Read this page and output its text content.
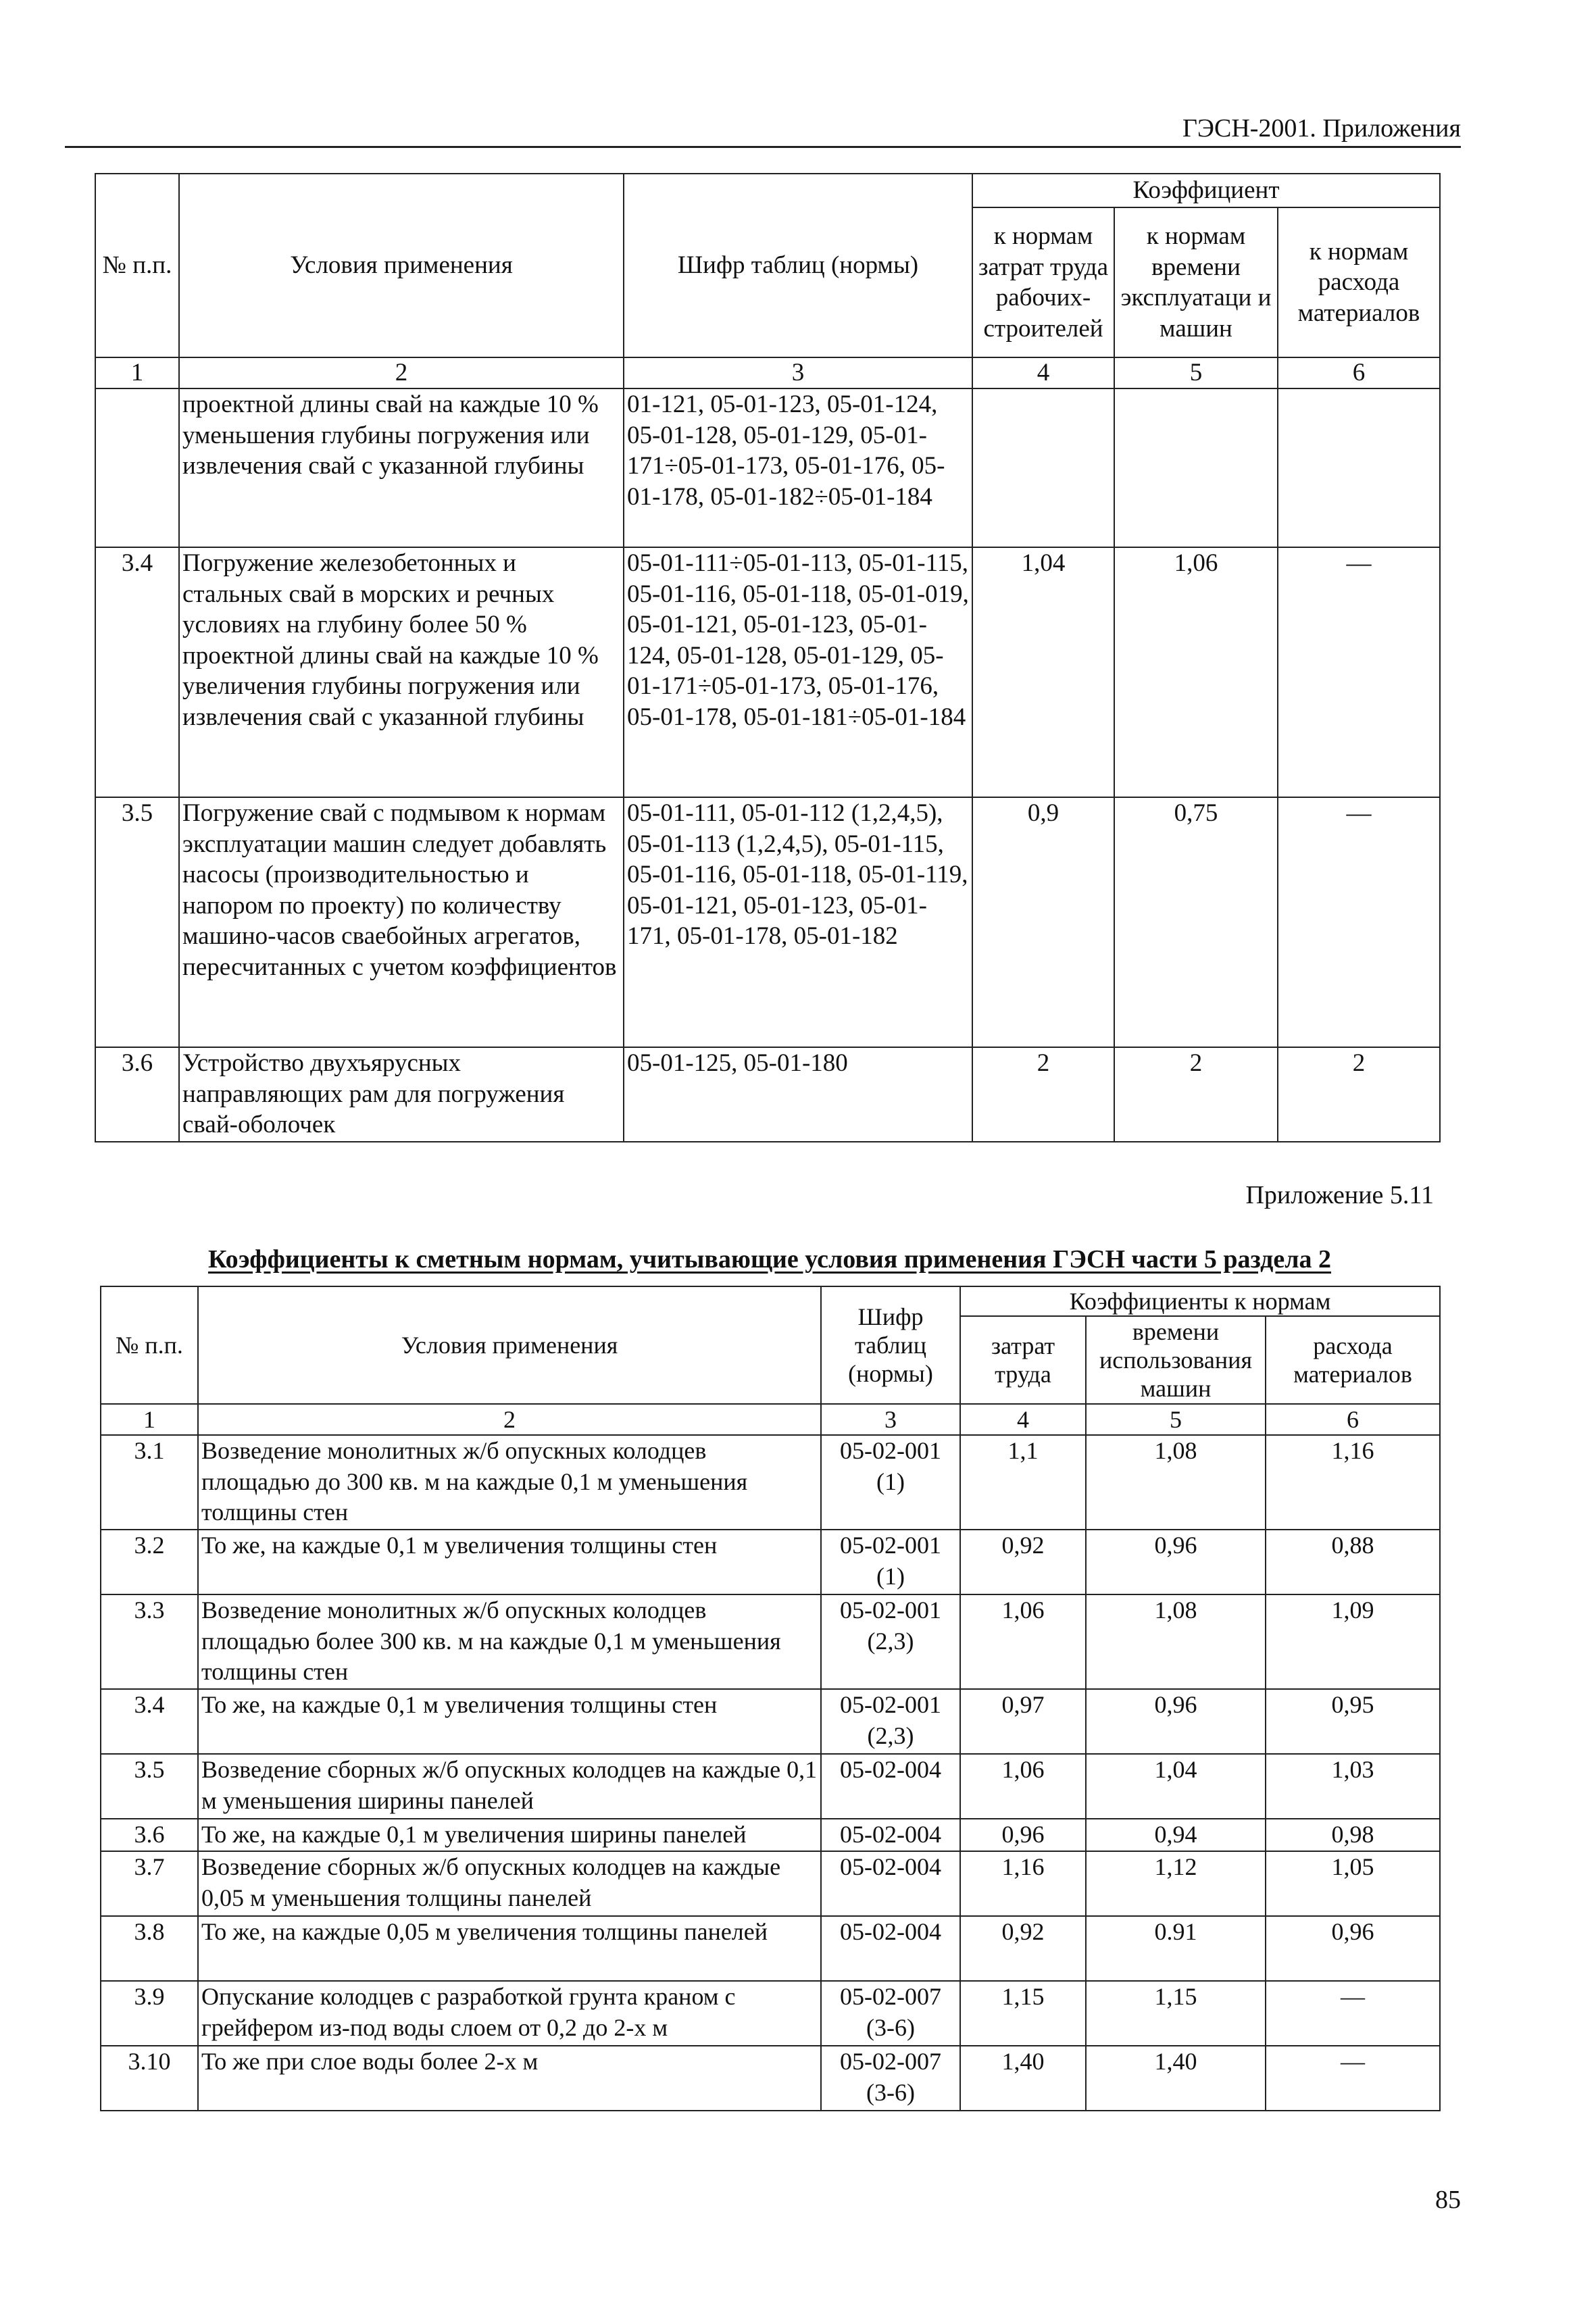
ГЭСН-2001. Приложения
№ п.п.	Условия применения	Шифр таблиц (нормы)	Коэффициент		
			к нормам затрат труда рабочих-строителей	к нормам времени эксплуатаци и машин	к нормам расхода материалов
1	2	3	4	5	6
	проектной длины свай на каждые 10 % уменьшения глубины погружения или извлечения свай с указанной глубины	01-121, 05-01-123, 05-01-124, 05-01-128, 05-01-129, 05-01-171÷05-01-173, 05-01-176, 05-01-178, 05-01-182÷05-01-184			
3.4	Погружение железобетонных и стальных свай в морских и речных условиях на глубину более 50 % проектной длины свай на каждые 10 % увеличения глубины погружения или извлечения свай с указанной глубины	05-01-111÷05-01-113, 05-01-115, 05-01-116, 05-01-118, 05-01-019, 05-01-121, 05-01-123, 05-01-124, 05-01-128, 05-01-129, 05-01-171÷05-01-173, 05-01-176, 05-01-178, 05-01-181÷05-01-184	1,04	1,06	—
3.5	Погружение свай с подмывом к нормам эксплуатации машин следует добавлять насосы (производительностью и напором по проекту) по количеству машино-часов сваебойных агрегатов, пересчитанных с учетом коэффициентов	05-01-111, 05-01-112 (1,2,4,5), 05-01-113 (1,2,4,5), 05-01-115, 05-01-116, 05-01-118, 05-01-119, 05-01-121, 05-01-123, 05-01-171, 05-01-178, 05-01-182	0,9	0,75	—
3.6	Устройство двухъярусных направляющих рам для погружения свай-оболочек	05-01-125, 05-01-180	2	2	2
Приложение 5.11
Коэффициенты к сметным нормам, учитывающие условия применения ГЭСН части 5 раздела 2
№ п.п.	Условия применения	Шифр таблиц (нормы)	Коэффициенты к нормам		
			затрат труда	времени использования машин	расхода материалов
1	2	3	4	5	6
3.1	Возведение монолитных ж/б опускных колодцев площадью до 300 кв. м на каждые 0,1 м уменьшения толщины стен	05-02-001 (1)	1,1	1,08	1,16
3.2	То же, на каждые 0,1 м увеличения толщины стен	05-02-001 (1)	0,92	0,96	0,88
3.3	Возведение монолитных ж/б опускных колодцев площадью более 300 кв. м на каждые 0,1 м уменьшения толщины стен	05-02-001 (2,3)	1,06	1,08	1,09
3.4	То же, на каждые 0,1 м увеличения толщины стен	05-02-001 (2,3)	0,97	0,96	0,95
3.5	Возведение сборных ж/б опускных колодцев на каждые 0,1 м уменьшения ширины панелей	05-02-004	1,06	1,04	1,03
3.6	То же, на каждые 0,1 м увеличения ширины панелей	05-02-004	0,96	0,94	0,98
3.7	Возведение сборных ж/б опускных колодцев на каждые 0,05 м уменьшения толщины панелей	05-02-004	1,16	1,12	1,05
3.8	То же, на каждые 0,05 м увеличения толщины панелей	05-02-004	0,92	0.91	0,96
3.9	Опускание колодцев с разработкой грунта краном с грейфером из-под воды слоем от 0,2 до 2-х м	05-02-007 (3-6)	1,15	1,15	—
3.10	То же при слое воды более 2-х м	05-02-007 (3-6)	1,40	1,40	—
85
